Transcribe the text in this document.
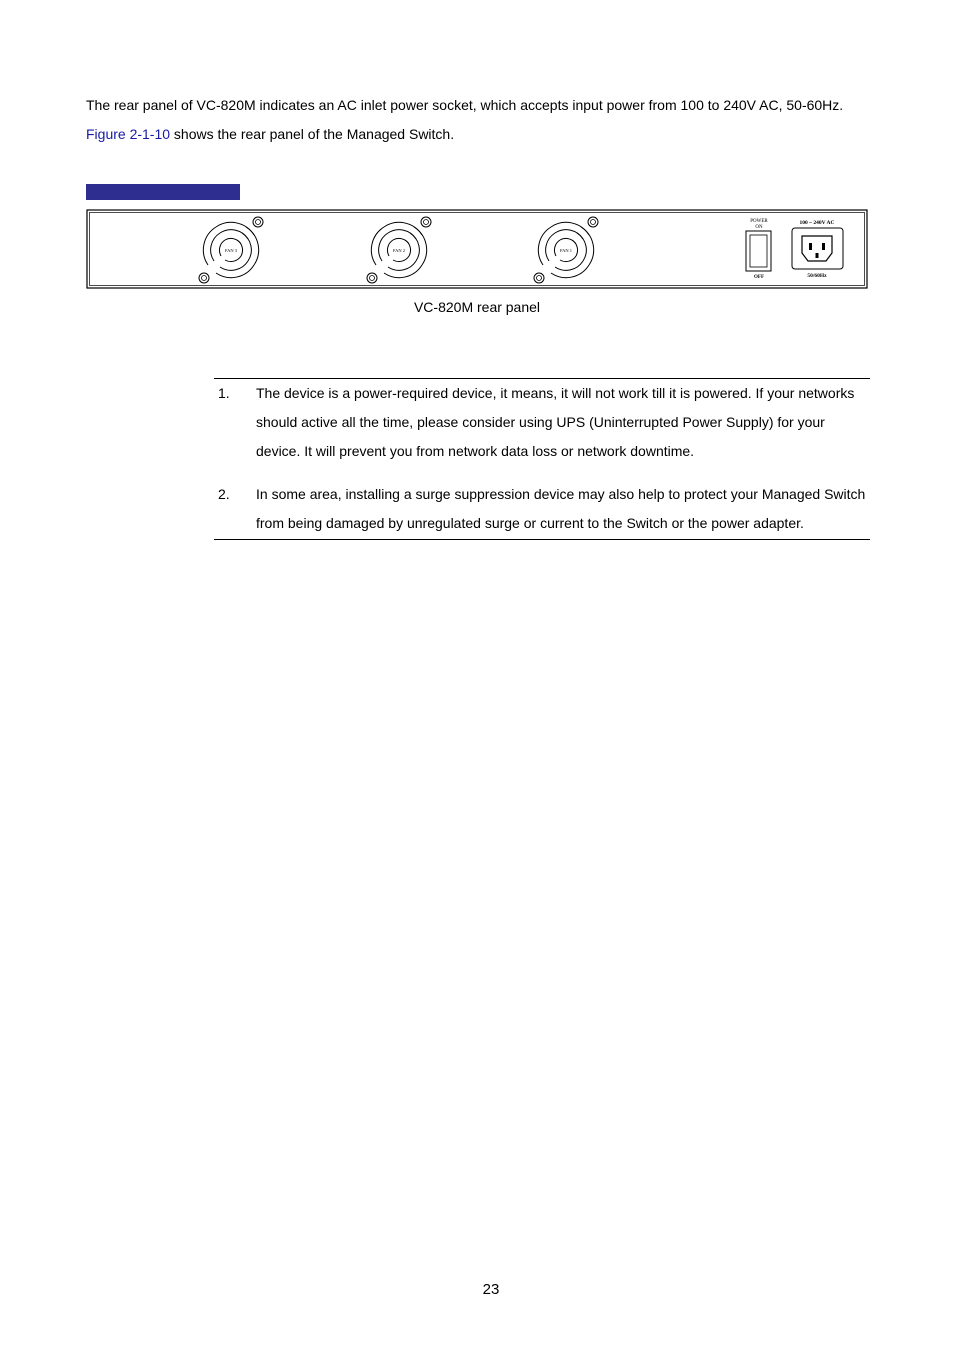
The rear panel of VC-820M indicates an AC inlet power socket, which accepts input power from 100 to 240V AC, 50-60Hz.

Figure 2-1-10 shows the rear panel of the Managed Switch.

FAN 3	FAN 2	FAN 1
POWER
ON
OFF
100 ~ 240V AC
50/60Hz

VC-820M rear panel

1. The device is a power-required device, it means, it will not work till it is powered. If your networks should active all the time, please consider using UPS (Uninterrupted Power Supply) for your device. It will prevent you from network data loss or network downtime.

2. In some area, installing a surge suppression device may also help to protect your Managed Switch from being damaged by unregulated surge or current to the Switch or the power adapter.

23
